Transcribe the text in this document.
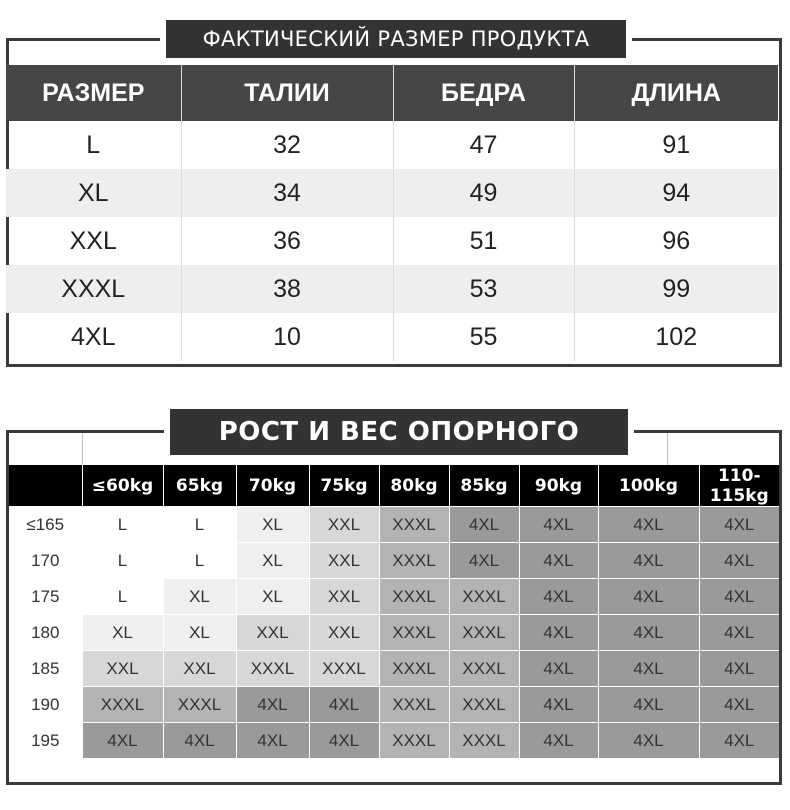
ФАКТИЧЕСКИЙ РАЗМЕР ПРОДУКТА
РАЗМЕР	ТАЛИИ	БЕДРА	ДЛИНА
L	32	47	91
XL	34	49	94
XXL	36	51	96
XXXL	38	53	99
4XL	10	55	102
РОСТ И ВЕС ОПОРНОГО
	≤60kg	65kg	70kg	75kg	80kg	85kg	90kg	100kg	110-115kg
≤165	L	L	XL	XXL	XXXL	4XL	4XL	4XL	4XL
170	L	L	XL	XXL	XXXL	4XL	4XL	4XL	4XL
175	L	XL	XL	XXL	XXXL	XXXL	4XL	4XL	4XL
180	XL	XL	XXL	XXL	XXXL	XXXL	4XL	4XL	4XL
185	XXL	XXL	XXXL	XXXL	XXXL	XXXL	4XL	4XL	4XL
190	XXXL	XXXL	4XL	4XL	XXXL	XXXL	4XL	4XL	4XL
195	4XL	4XL	4XL	4XL	XXXL	XXXL	4XL	4XL	4XL
